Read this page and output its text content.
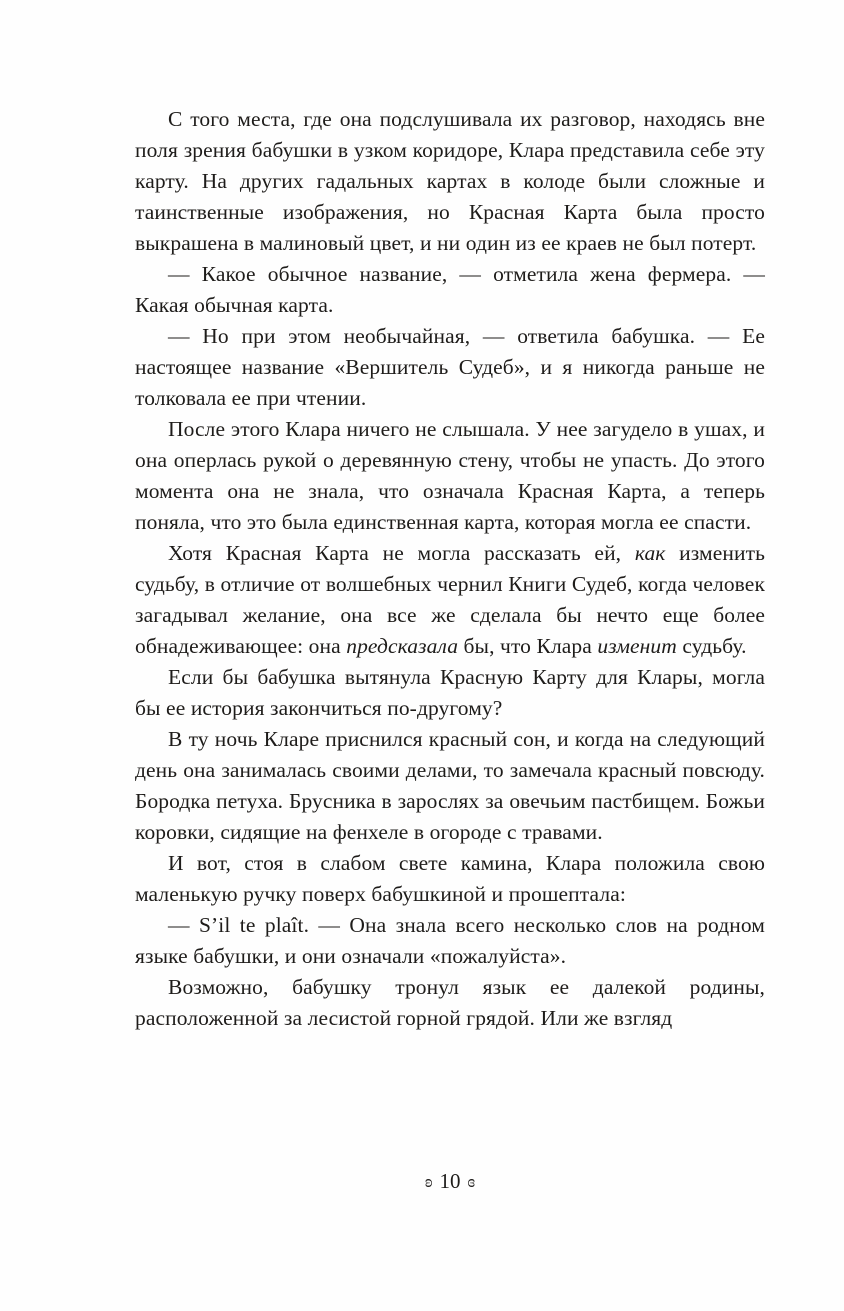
С того места, где она подслушивала их разговор, находясь вне поля зрения бабушки в узком коридоре, Клара представила себе эту карту. На других гадальных картах в колоде были сложные и таинственные изображения, но Красная Карта была просто выкрашена в малиновый цвет, и ни один из ее краев не был потерт.

— Какое обычное название, — отметила жена фермера. — Какая обычная карта.

— Но при этом необычайная, — ответила бабушка. — Ее настоящее название «Вершитель Судеб», и я никогда раньше не толковала ее при чтении.

После этого Клара ничего не слышала. У нее загудело в ушах, и она оперлась рукой о деревянную стену, чтобы не упасть. До этого момента она не знала, что означала Красная Карта, а теперь поняла, что это была единственная карта, которая могла ее спасти.

Хотя Красная Карта не могла рассказать ей, как изменить судьбу, в отличие от волшебных чернил Книги Судеб, когда человек загадывал желание, она все же сделала бы нечто еще более обнадеживающее: она предсказала бы, что Клара изменит судьбу.

Если бы бабушка вытянула Красную Карту для Клары, могла бы ее история закончиться по-другому?

В ту ночь Кларе приснился красный сон, и когда на следующий день она занималась своими делами, то замечала красный повсюду. Бородка петуха. Брусника в зарослях за овечьим пастбищем. Божьи коровки, сидящие на фенхеле в огороде с травами.

И вот, стоя в слабом свете камина, Клара положила свою маленькую ручку поверх бабушкиной и прошептала:

— S’il te plaît. — Она знала всего несколько слов на родном языке бабушки, и они означали «пожалуйста».

Возможно, бабушку тронул язык ее далекой родины, расположенной за лесистой горной грядой. Или же взгляд

ʚ 10 ɞ
